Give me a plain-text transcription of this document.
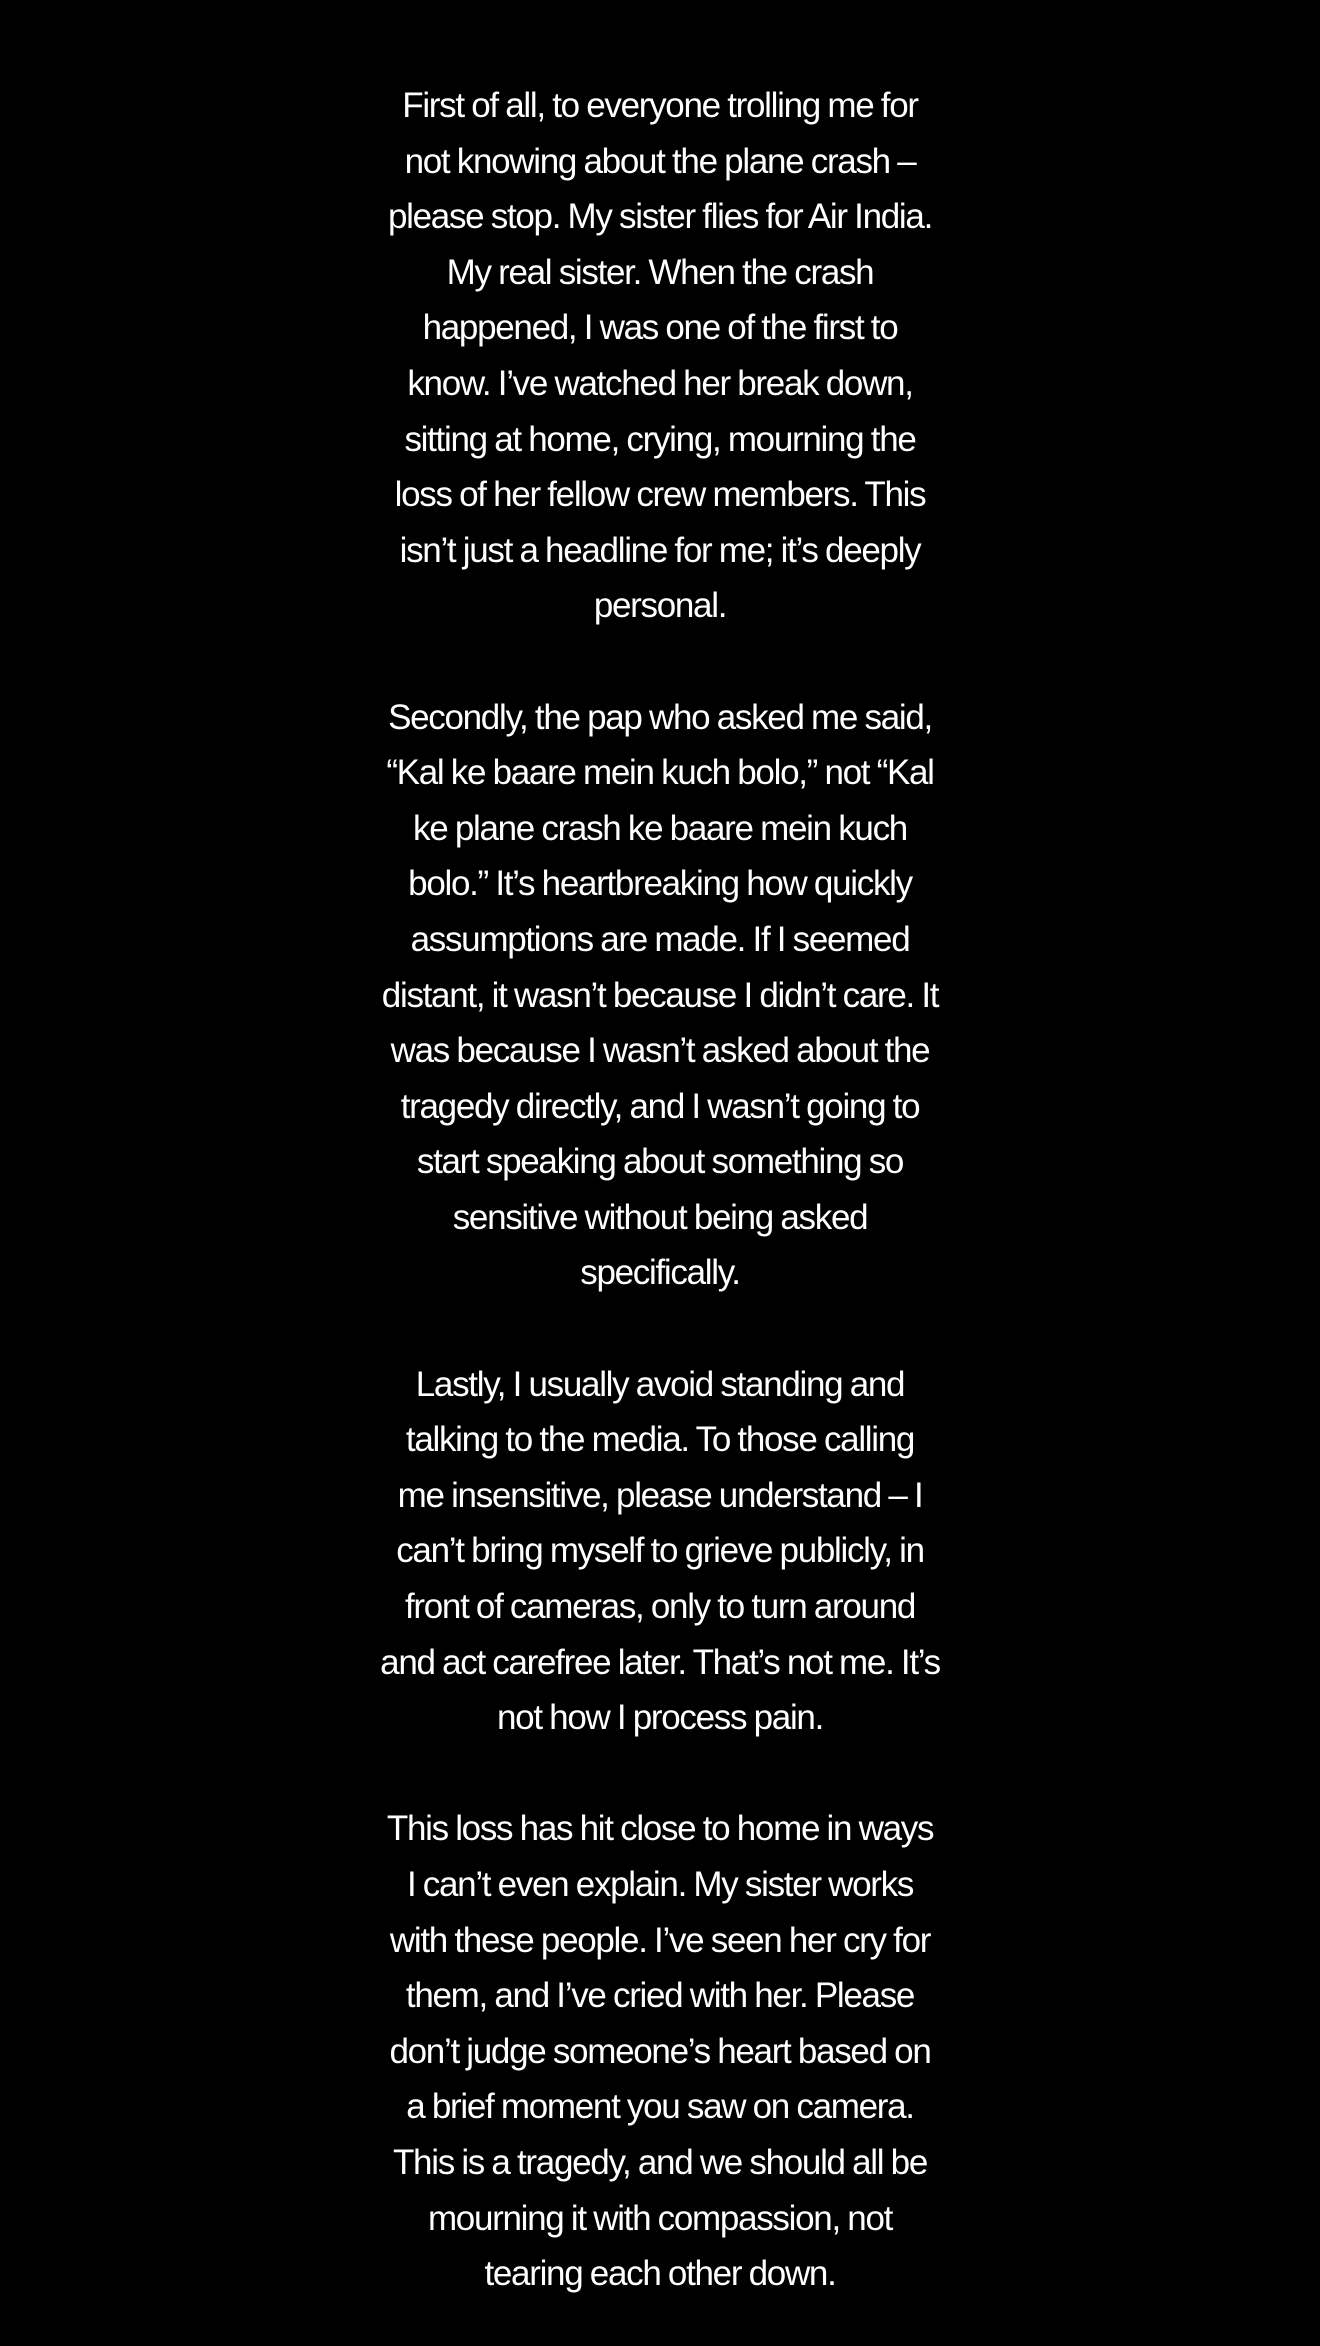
First of all, to everyone trolling me for not knowing about the plane crash – please stop. My sister flies for Air India. My real sister. When the crash happened, I was one of the first to know. I’ve watched her break down, sitting at home, crying, mourning the loss of her fellow crew members. This isn’t just a headline for me; it’s deeply personal.

Secondly, the pap who asked me said, “Kal ke baare mein kuch bolo,” not “Kal ke plane crash ke baare mein kuch bolo.” It’s heartbreaking how quickly assumptions are made. If I seemed distant, it wasn’t because I didn’t care. It was because I wasn’t asked about the tragedy directly, and I wasn’t going to start speaking about something so sensitive without being asked specifically.

Lastly, I usually avoid standing and talking to the media. To those calling me insensitive, please understand – I can’t bring myself to grieve publicly, in front of cameras, only to turn around and act carefree later. That’s not me. It’s not how I process pain.

This loss has hit close to home in ways I can’t even explain. My sister works with these people. I’ve seen her cry for them, and I’ve cried with her. Please don’t judge someone’s heart based on a brief moment you saw on camera. This is a tragedy, and we should all be mourning it with compassion, not tearing each other down.
